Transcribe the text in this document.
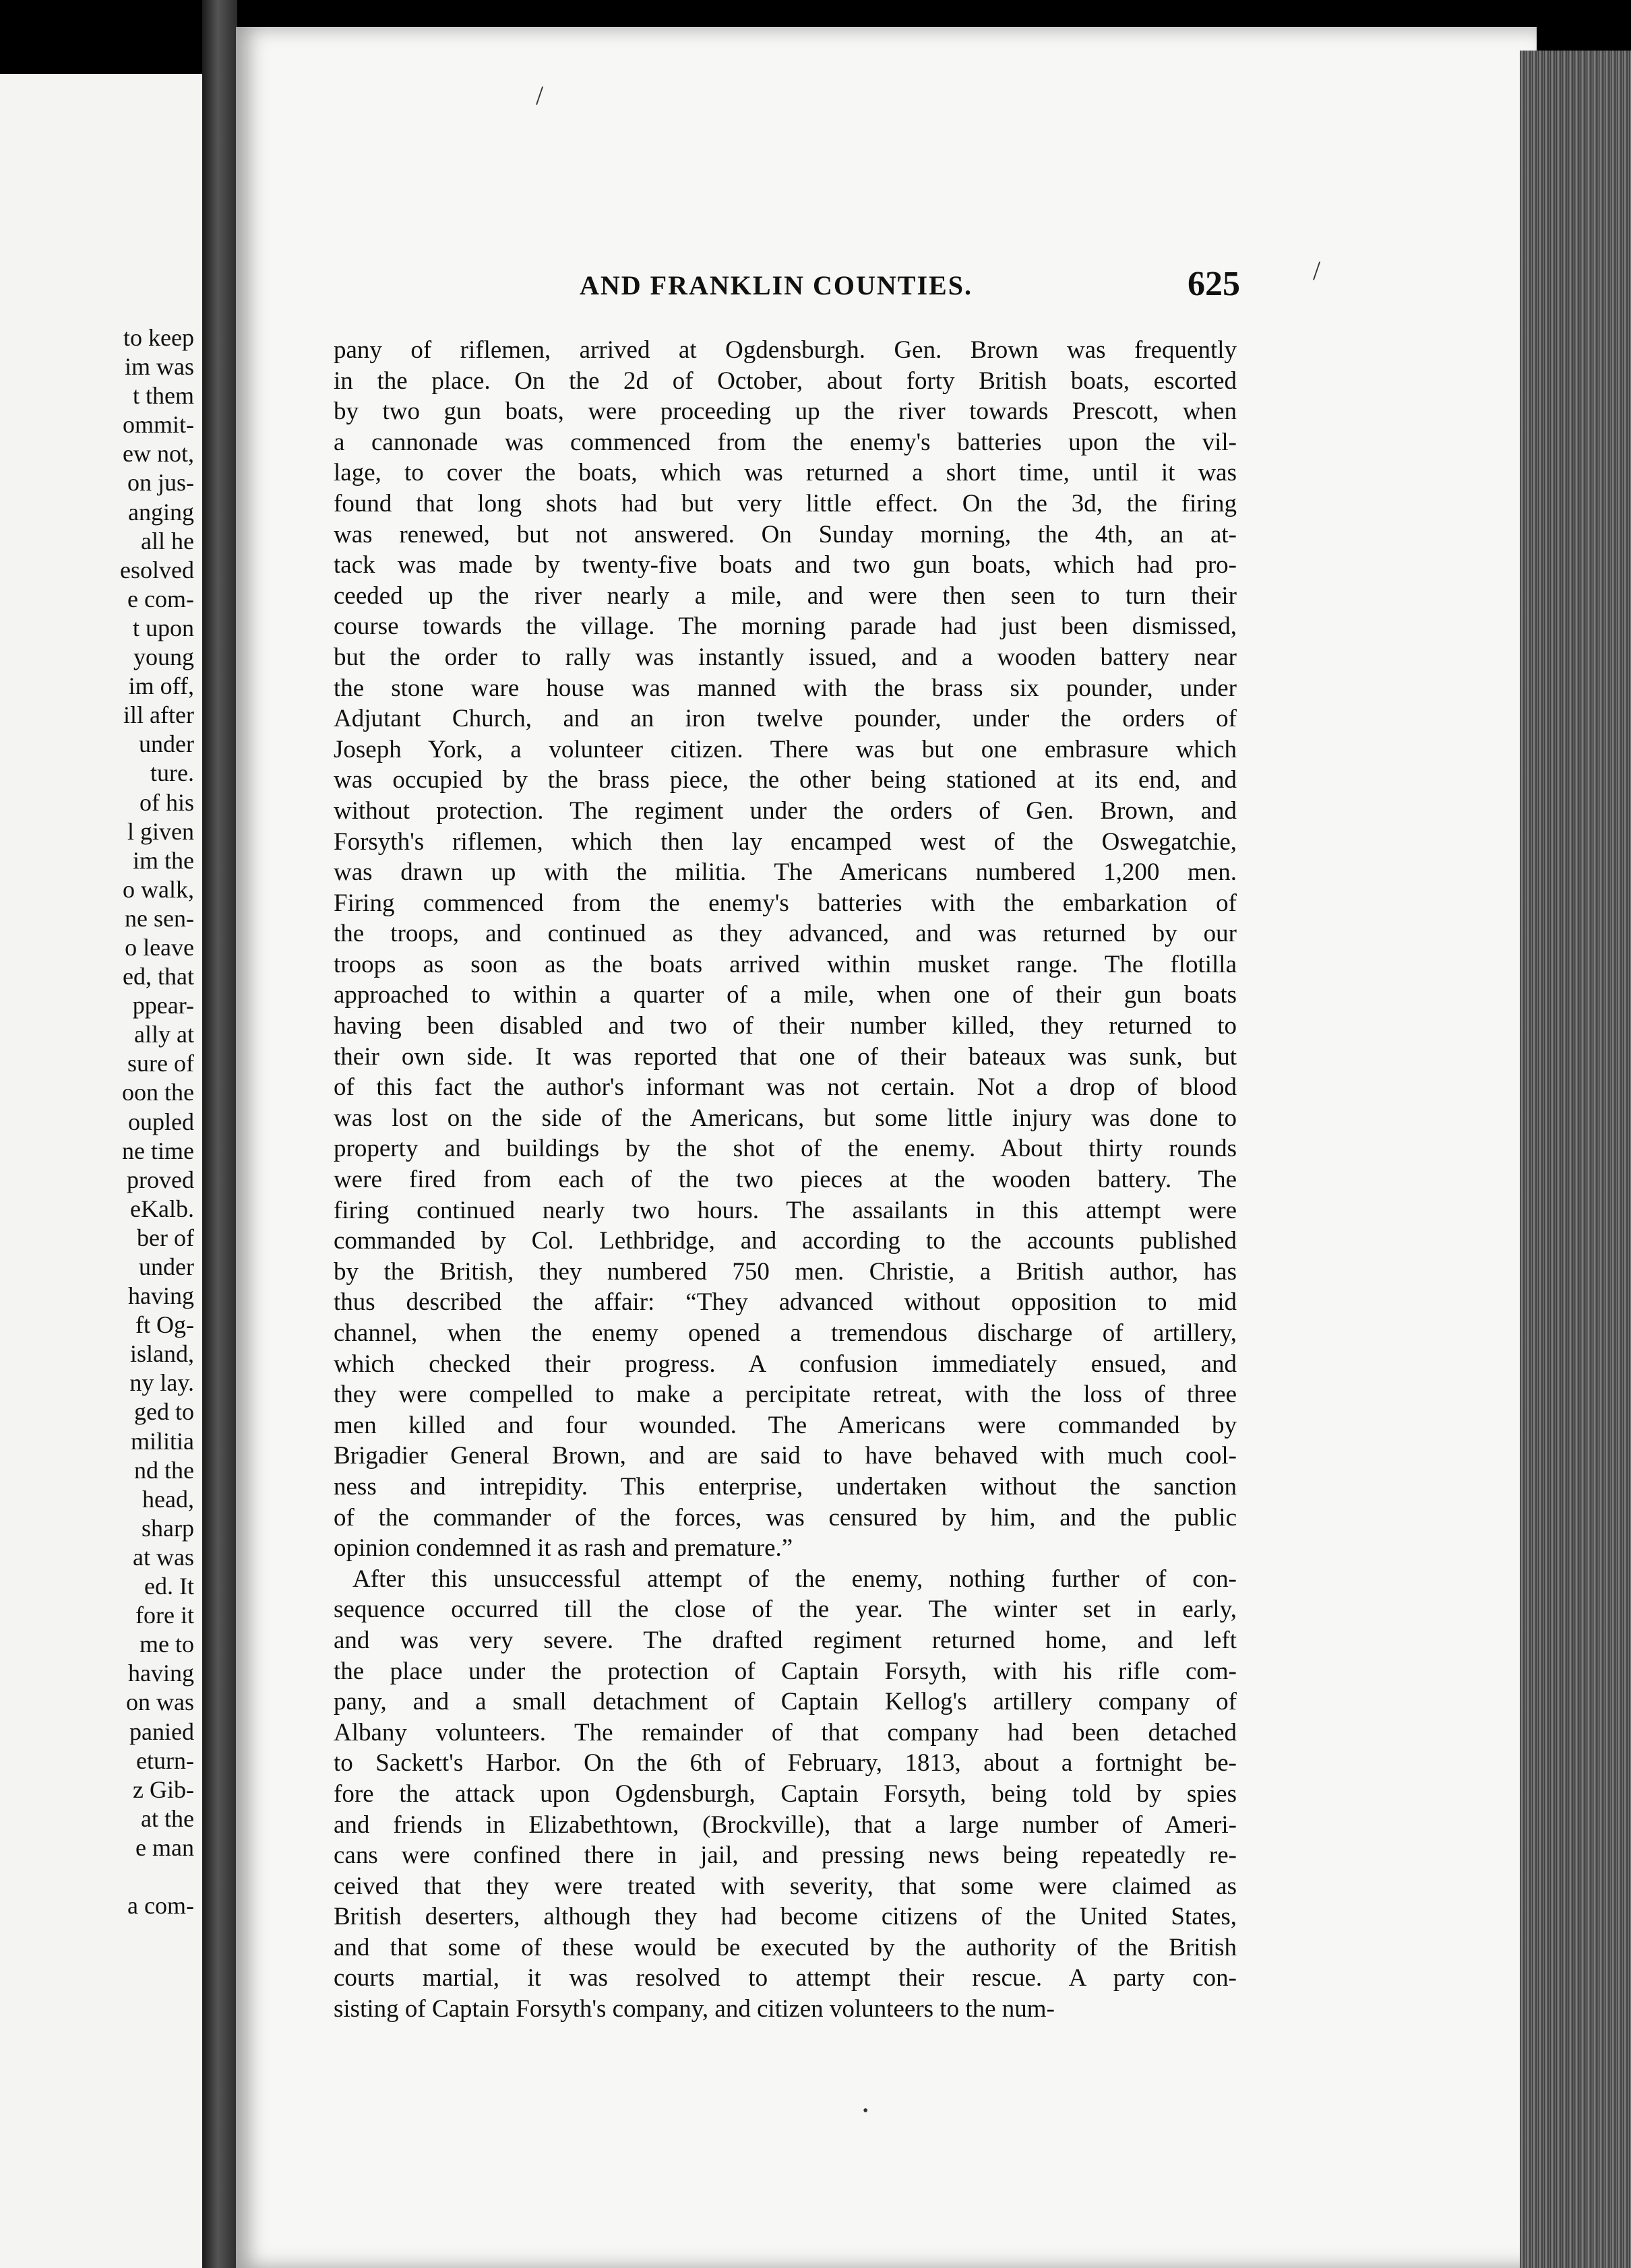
to keep
im was
t them
ommit-
ew not,
on jus-
anging
all he
esolved
e com-
t upon
young
im off,
ill after
under
ture.
of his
l given
im the
o walk,
ne sen-
o leave
ed, that
ppear-
ally at
sure of
oon the
oupled
ne time
proved
eKalb.
ber of
under
having
ft Og-
island,
ny lay.
ged to
militia
nd the
head,
sharp
at was
ed. It
fore it
me to
having
on was
panied
eturn-
z Gib-
at the
e man

a com-
AND FRANKLIN COUNTIES.	625
pany of riflemen, arrived at Ogdensburgh. Gen. Brown was frequently
in the place. On the 2d of October, about forty British boats, escorted
by two gun boats, were proceeding up the river towards Prescott, when
a cannonade was commenced from the enemy's batteries upon the vil-
lage, to cover the boats, which was returned a short time, until it was
found that long shots had but very little effect. On the 3d, the firing
was renewed, but not answered. On Sunday morning, the 4th, an at-
tack was made by twenty-five boats and two gun boats, which had pro-
ceeded up the river nearly a mile, and were then seen to turn their
course towards the village. The morning parade had just been dismissed,
but the order to rally was instantly issued, and a wooden battery near
the stone ware house was manned with the brass six pounder, under
Adjutant Church, and an iron twelve pounder, under the orders of
Joseph York, a volunteer citizen. There was but one embrasure which
was occupied by the brass piece, the other being stationed at its end, and
without protection. The regiment under the orders of Gen. Brown, and
Forsyth's riflemen, which then lay encamped west of the Oswegatchie,
was drawn up with the militia. The Americans numbered 1,200 men.
Firing commenced from the enemy's batteries with the embarkation of
the troops, and continued as they advanced, and was returned by our
troops as soon as the boats arrived within musket range. The flotilla
approached to within a quarter of a mile, when one of their gun boats
having been disabled and two of their number killed, they returned to
their own side. It was reported that one of their bateaux was sunk, but
of this fact the author's informant was not certain. Not a drop of blood
was lost on the side of the Americans, but some little injury was done to
property and buildings by the shot of the enemy. About thirty rounds
were fired from each of the two pieces at the wooden battery. The
firing continued nearly two hours. The assailants in this attempt were
commanded by Col. Lethbridge, and according to the accounts published
by the British, they numbered 750 men. Christie, a British author, has
thus described the affair: “They advanced without opposition to mid
channel, when the enemy opened a tremendous discharge of artillery,
which checked their progress. A confusion immediately ensued, and
they were compelled to make a percipitate retreat, with the loss of three
men killed and four wounded. The Americans were commanded by
Brigadier General Brown, and are said to have behaved with much cool-
ness and intrepidity. This enterprise, undertaken without the sanction
of the commander of the forces, was censured by him, and the public
opinion condemned it as rash and premature.”
After this unsuccessful attempt of the enemy, nothing further of con-
sequence occurred till the close of the year. The winter set in early,
and was very severe. The drafted regiment returned home, and left
the place under the protection of Captain Forsyth, with his rifle com-
pany, and a small detachment of Captain Kellog's artillery company of
Albany volunteers. The remainder of that company had been detached
to Sackett's Harbor. On the 6th of February, 1813, about a fortnight be-
fore the attack upon Ogdensburgh, Captain Forsyth, being told by spies
and friends in Elizabethtown, (Brockville), that a large number of Ameri-
cans were confined there in jail, and pressing news being repeatedly re-
ceived that they were treated with severity, that some were claimed as
British deserters, although they had become citizens of the United States,
and that some of these would be executed by the authority of the British
courts martial, it was resolved to attempt their rescue. A party con-
sisting of Captain Forsyth's company, and citizen volunteers to the num-
/
/
•
